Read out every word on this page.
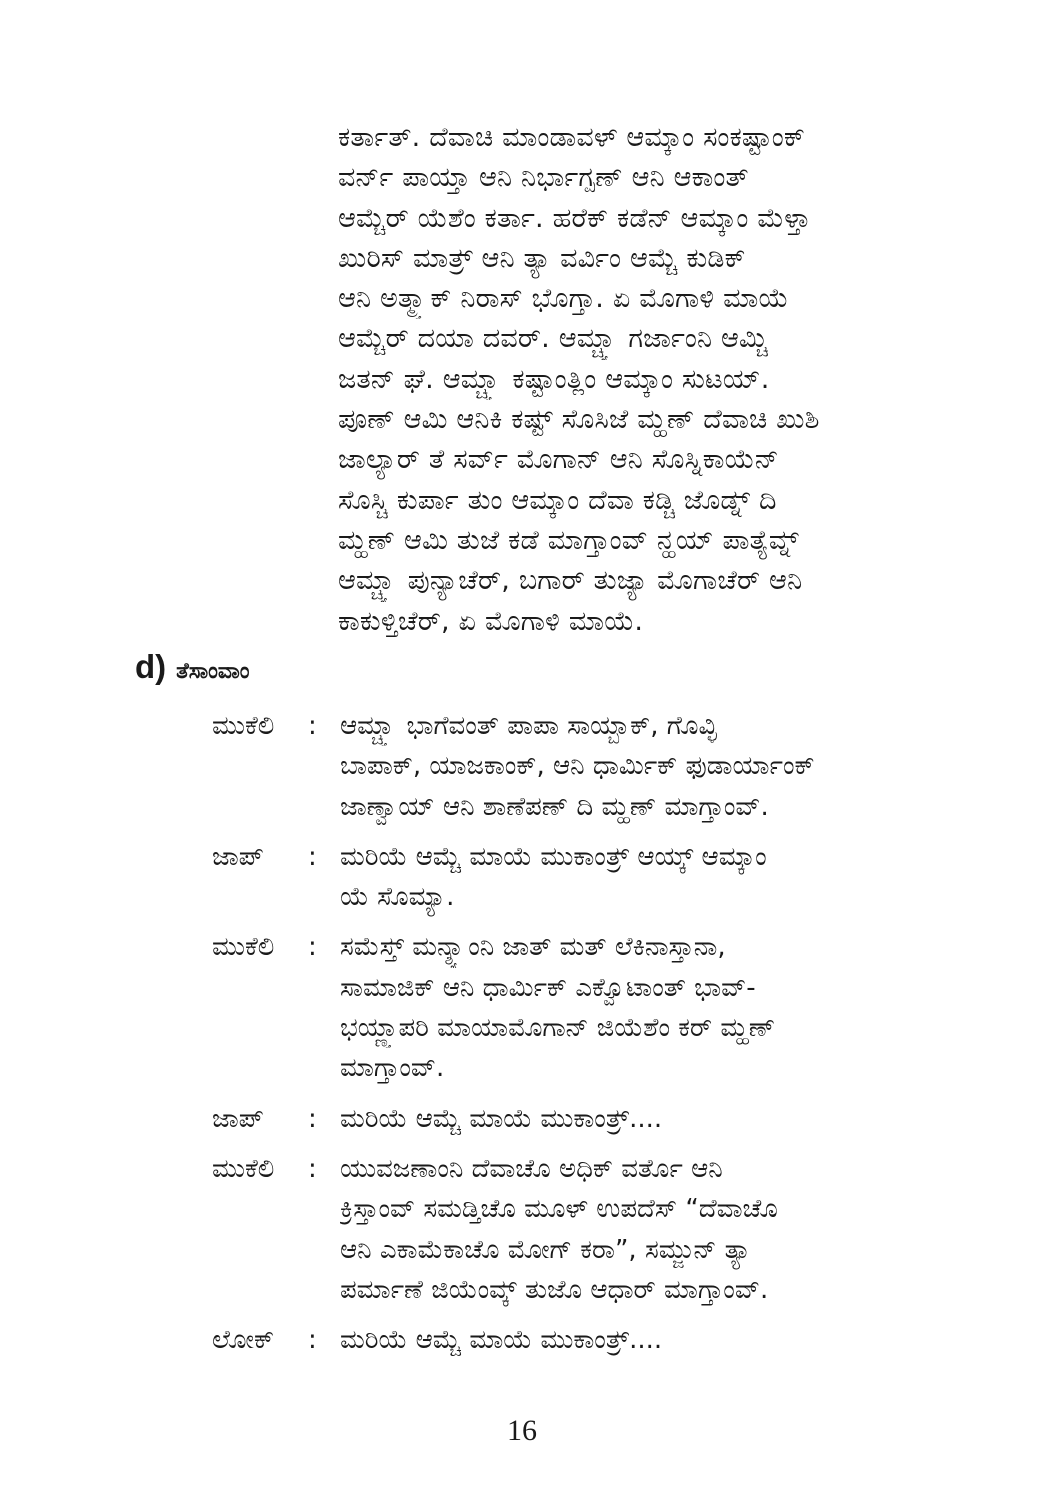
ಕರ್ತಾತ್. ದೆವಾಚಿ ಮಾಂಡಾವಳ್ ಆಮ್ಕಾಂ ಸಂಕಷ್ಟಾಂಕ್
ವರ್ನ್ ಪಾಯ್ತಾ ಆನಿ ನಿರ್ಭಾಗ್ಪಣ್ ಆನಿ ಆಕಾಂತ್
ಆಮ್ಚೆರ್ ಯೆಶೆಂ ಕರ್ತಾ. ಹರೆಕ್ ಕಡೆನ್ ಆಮ್ಕಾಂ ಮೆಳ್ತಾ
ಖುರಿಸ್ ಮಾತ್ರ್ ಆನಿ ತ್ಯಾ ವರ್ವಿಂ ಆಮ್ಚೆ ಕುಡಿಕ್
ಆನಿ ಅತ್ಮ್ಯಾಕ್ ನಿರಾಸ್ ಭೊಗ್ತಾ. ಏ ಮೊಗಾಳಿ ಮಾಯೆ
ಆಮ್ಚೆರ್ ದಯಾ ದವರ್. ಆಮ್ಚ್ಯಾ ಗರ್ಜಾಂನಿ ಆಮ್ಚಿ
ಜತನ್ ಘೆ. ಆಮ್ಚ್ಯಾ ಕಷ್ಟಾಂತ್ಲಿಂ ಆಮ್ಕಾಂ ಸುಟಯ್.
ಪೂಣ್ ಆಮಿ ಆನಿಕಿ ಕಷ್ಟ್ ಸೊಸಿಜೆ ಮ್ಹಣ್ ದೆವಾಚಿ ಖುಶಿ
ಜಾಲ್ಯಾರ್ ತೆ ಸರ್ವ್ ಮೊಗಾನ್ ಆನಿ ಸೊಸ್ನಿಕಾಯೆನ್
ಸೊಸ್ಚಿ ಕುರ್ಪಾ ತುಂ ಆಮ್ಕಾಂ ದೆವಾ ಕಡ್ಚಿ ಜೊಡ್ನ್ ದಿ
ಮ್ಹಣ್ ಆಮಿ ತುಜೆ ಕಡೆ ಮಾಗ್ತಾಂವ್ ನ್ಹಯ್ ಪಾತ್ಯೆವ್ನ್
ಆಮ್ಚ್ಯಾ ಪುನ್ಯಾಚೆರ್, ಬಗಾರ್ ತುಜ್ಯಾ ಮೊಗಾಚೆರ್ ಆನಿ
ಕಾಕುಳ್ತಿಚೆರ್, ಏ ಮೊಗಾಳಿ ಮಾಯೆ.
d) ತೆಸಾಂವಾಂ
ಮುಕೆಲಿ	: ಆಮ್ಚ್ಯಾ ಭಾಗೆವಂತ್ ಪಾಪಾ ಸಾಯ್ಬಾಕ್, ಗೊವ್ಳಿ
ಬಾಪಾಕ್, ಯಾಜಕಾಂಕ್, ಆನಿ ಧಾರ್ಮಿಕ್ ಫುಡಾರ್ಯಾಂಕ್
ಜಾಣ್ವಾಯ್ ಆನಿ ಶಾಣೆಪಣ್ ದಿ ಮ್ಹಣ್ ಮಾಗ್ತಾಂವ್.
ಜಾಪ್	: ಮರಿಯೆ ಆಮ್ಚೆ ಮಾಯೆ ಮುಕಾಂತ್ರ್ ಆಯ್ಕ್ ಆಮ್ಕಾಂ
ಯೆ ಸೊಮ್ಯಾ.
ಮುಕೆಲಿ	: ಸಮೆಸ್ತ್ ಮನ್ಶ್ಯಾಂನಿ ಜಾತ್ ಮತ್ ಲೆಕಿನಾಸ್ತಾನಾ,
ಸಾಮಾಜಿಕ್ ಆನಿ ಧಾರ್ಮಿಕ್ ಎಕ್ವೊಟಾಂತ್ ಭಾವ್-
ಭಯ್ಣ್ಯಾಪರಿ ಮಾಯಾಮೊಗಾನ್ ಜಿಯೆಶೆಂ ಕರ್ ಮ್ಹಣ್
ಮಾಗ್ತಾಂವ್.
ಜಾಪ್	: ಮರಿಯೆ ಆಮ್ಚೆ ಮಾಯೆ ಮುಕಾಂತ್ರ್....
ಮುಕೆಲಿ	: ಯುವಜಣಾಂನಿ ದೆವಾಚೊ ಅಧಿಕ್ ವರ್ತೊ ಆನಿ
ಕ್ರಿಸ್ತಾಂವ್ ಸಮಡ್ತಿಚೊ ಮೂಳ್ ಉಪದೆಸ್ “ದೆವಾಚೊ
ಆನಿ ಎಕಾಮೆಕಾಚೊ ಮೋಗ್ ಕರಾ”, ಸಮ್ಜುನ್ ತ್ಯಾ
ಪರ್ಮಾಣೆ ಜಿಯೆಂವ್ಕ್ ತುಜೊ ಆಧಾರ್ ಮಾಗ್ತಾಂವ್.
ಲೋಕ್	: ಮರಿಯೆ ಆಮ್ಚೆ ಮಾಯೆ ಮುಕಾಂತ್ರ್....
16
